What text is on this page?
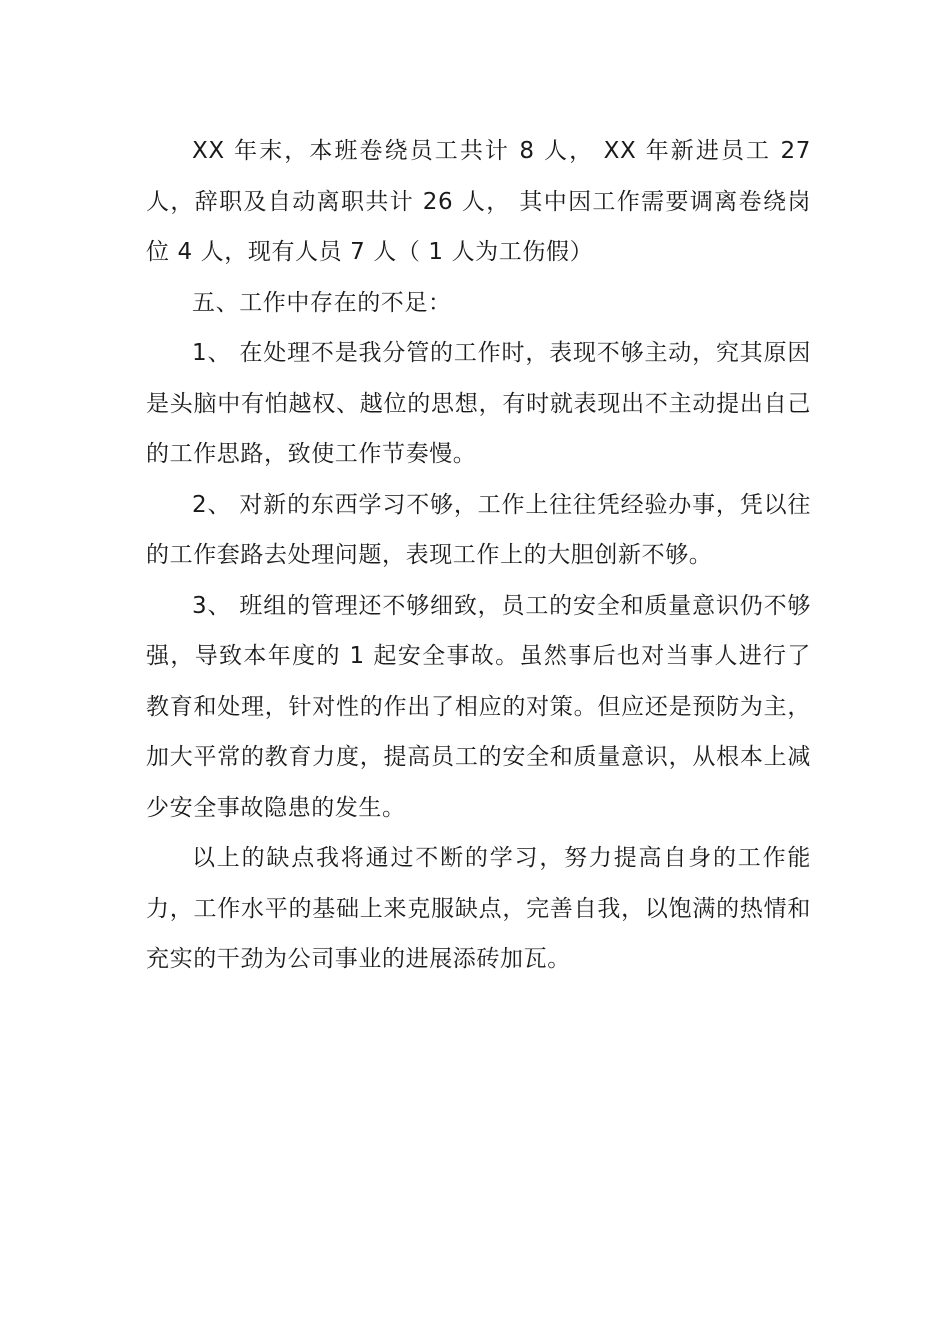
XX 年末，本班卷绕员工共计 8 人， XX 年新进员工 27 人，辞职及自动离职共计 26 人， 其中因工作需要调离卷绕岗位 4 人，现有人员 7 人（ 1 人为工伤假）

五、工作中存在的不足：

1、 在处理不是我分管的工作时，表现不够主动，究其原因是头脑中有怕越权、越位的思想，有时就表现出不主动提出自己的工作思路，致使工作节奏慢。

2、 对新的东西学习不够，工作上往往凭经验办事，凭以往的工作套路去处理问题，表现工作上的大胆创新不够。

3、 班组的管理还不够细致，员工的安全和质量意识仍不够强，导致本年度的 1 起安全事故。虽然事后也对当事人进行了教育和处理，针对性的作出了相应的对策。但应还是预防为主，加大平常的教育力度，提高员工的安全和质量意识，从根本上减少安全事故隐患的发生。

以上的缺点我将通过不断的学习，努力提高自身的工作能力，工作水平的基础上来克服缺点，完善自我，以饱满的热情和充实的干劲为公司事业的进展添砖加瓦。
